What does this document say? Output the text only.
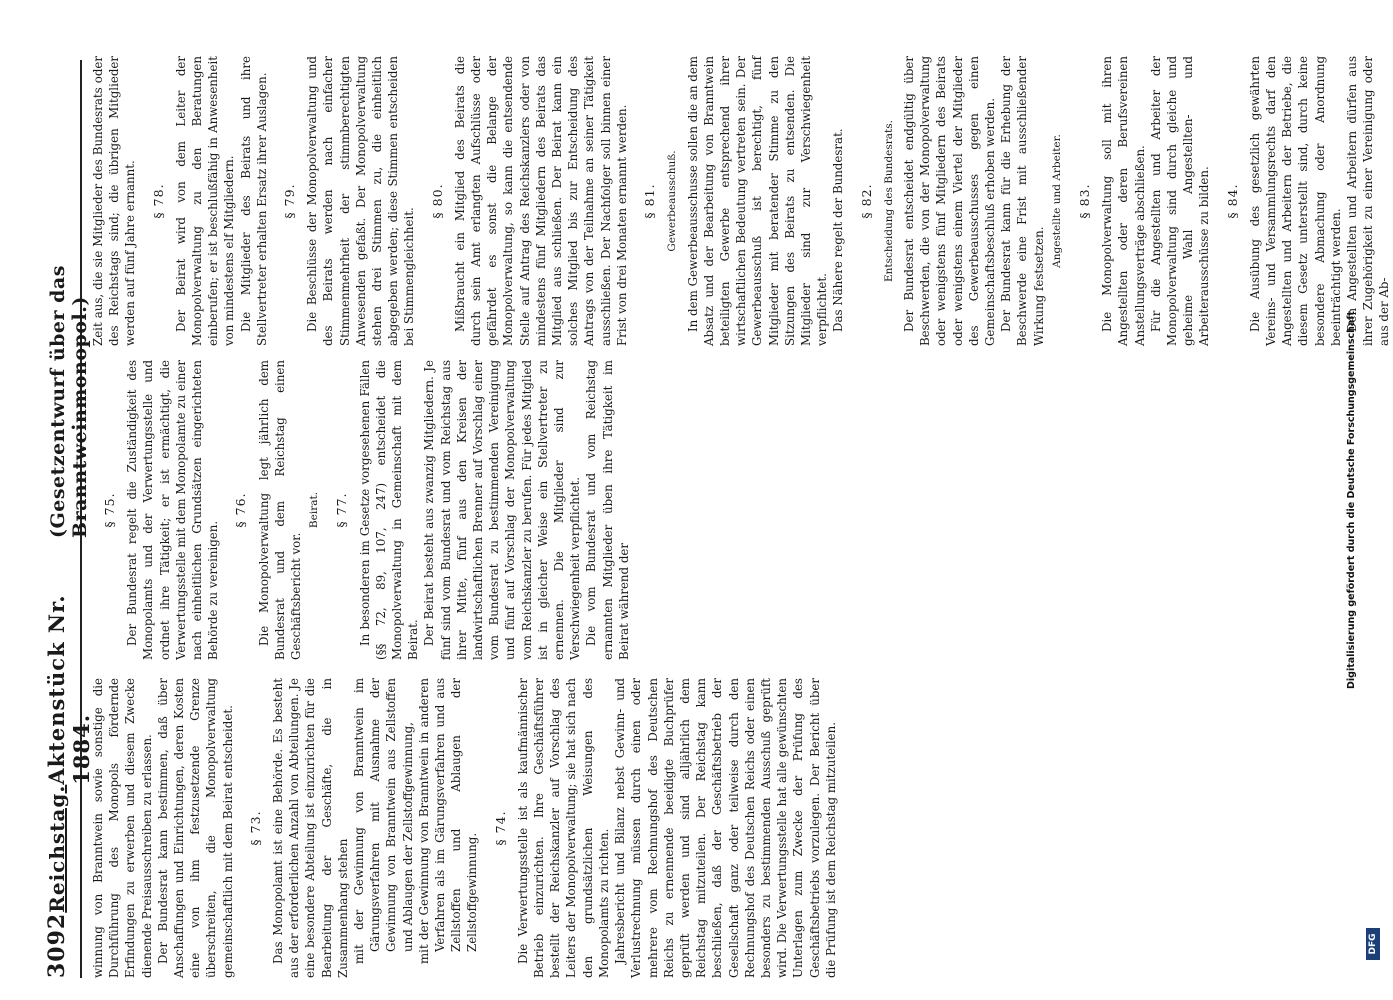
3092
Reichstag.
Aktenstück Nr. 1884.
(Gesetzentwurf über das Branntweinmonopol.)

winnung von Branntwein sowie sonstige die Durchführung des Monopols fördernde Erfindungen zu erwerben und diesem Zwecke dienende Preisausschreiben zu erlassen. Der Bundesrat kann bestimmen, daß über Anschaffungen und Einrichtungen, deren Kosten eine von ihm festzusetzende Grenze überschreiten, die Monopolverwaltung gemeinschaftlich mit dem Beirat entscheidet. § 73. Das Monopolamt ist eine Behörde. Es besteht aus der erforderlichen Anzahl von Abteilungen. Je eine besondere Abteilung ist einzurichten für die Bearbeitung der Geschäfte, die in Zusammenhang stehen mit der Gewinnung von Branntwein im Gärungsverfahren mit Ausnahme der Gewinnung von Branntwein aus Zellstoffen und Ablaugen der Zellstoffgewinnung, mit der Gewinnung von Branntwein in anderen Verfahren als im Gärungsverfahren und aus Zellstoffen und Ablaugen der Zellstoffgewinnung.

§ 74. Die Verwertungsstelle ist als kaufmännischer Betrieb einzurichten. Ihre Geschäftsführer bestellt der Reichskanzler auf Vorschlag des Leiters der Monopolverwaltung; sie hat sich nach den grundsätzlichen Weisungen des Monopolamts zu richten. Jahresbericht und Bilanz nebst Gewinn- und Verlustrechnung müssen durch einen oder mehrere vom Rechnungshof des Deutschen Reichs zu ernennende beeidigte Buchprüfer geprüft werden und sind alljährlich dem Reichstag mitzuteilen. Der Reichstag kann beschließen, daß der Geschäftsbetrieb der Gesellschaft ganz oder teilweise durch den Rechnungshof des Deutschen Reichs oder einen besonders zu bestimmenden Ausschuß geprüft wird. Die Verwertungsstelle hat alle gewünschten Unterlagen zum Zwecke der Prüfung des Geschäftsbetriebs vorzulegen. Der Bericht über die Prüfung ist dem Reichstag mitzuteilen.

§ 75. Der Bundesrat regelt die Zuständigkeit des Monopolamts und der Verwertungsstelle und ordnet ihre Tätigkeit; er ist ermächtigt, die Verwertungsstelle mit dem Monopolamte zu einer nach einheitlichen Grundsätzen eingerichteten Behörde zu vereinigen.

§ 76. Die Monopolverwaltung legt jährlich dem Bundesrat und dem Reichstag einen Geschäftsbericht vor.

Beirat. § 77. In besonderen im Gesetze vorgesehenen Fällen (§§ 72, 89, 107, 247) entscheidet die Monopolverwaltung in Gemeinschaft mit dem Beirat. Der Beirat besteht aus zwanzig Mitgliedern. Je fünf sind vom Bundesrat und vom Reichstag aus ihrer Mitte, fünf aus den Kreisen der landwirtschaftlichen Brenner auf Vorschlag einer vom Bundesrat zu bestimmenden Vereinigung und fünf auf Vorschlag der Monopolverwaltung vom Reichskanzler zu berufen. Für jedes Mitglied ist in gleicher Weise ein Stellvertreter zu ernennen. Die Mitglieder sind zur Verschwiegenheit verpflichtet. Die vom Bundesrat und vom Reichstag ernannten Mitglieder üben ihre Tätigkeit im Beirat während der

Zeit aus, die sie Mitglieder des Bundesrats oder des Reichstags sind; die übrigen Mitglieder werden auf fünf Jahre ernannt. § 78. Der Beirat wird von dem Leiter der Monopolverwaltung zu den Beratungen einberufen; er ist beschlußfähig in Anwesenheit von mindestens elf Mitgliedern. Die Mitglieder des Beirats und ihre Stellvertreter erhalten Ersatz ihrer Auslagen. § 79. Die Beschlüsse der Monopolverwaltung und des Beirats werden nach einfacher Stimmenmehrheit der stimmberechtigten Anwesenden gefaßt. Der Monopolverwaltung stehen drei Stimmen zu, die einheitlich abgegeben werden; diese Stimmen entscheiden bei Stimmengleichheit.

§ 80. Mißbraucht ein Mitglied des Beirats die durch sein Amt erlangten Aufschlüsse oder gefährdet es sonst die Belange der Monopolverwaltung, so kann die entsendende Stelle auf Antrag des Reichskanzlers oder von mindestens fünf Mitgliedern des Beirats das Mitglied aus schließen. Der Beirat kann ein solches Mitglied bis zur Entscheidung des Antrags von der Teilnahme an seiner Tätigkeit ausschließen. Der Nachfolger soll binnen einer Frist von drei Monaten ernannt werden. § 81. Gewerbeausschuß. In dem Gewerbeausschusse sollen die an dem Absatz und der Bearbeitung von Branntwein beteiligten Gewerbe entsprechend ihrer wirtschaftlichen Bedeutung vertreten sein. Der Gewerbeausschuß ist berechtigt, fünf Mitglieder mit beratender Stimme zu den Sitzungen des Beirats zu entsenden. Die Mitglieder sind zur Verschwiegenheit verpflichtet. Das Nähere regelt der Bundesrat. § 82. Entscheidung des Bundesrats. Der Bundesrat entscheidet endgültig über Beschwerden, die von der Monopolverwaltung oder wenigstens fünf Mitgliedern des Beirats oder wenigstens einem Viertel der Mitglieder des Gewerbeausschusses gegen einen Gemeinschaftsbeschluß erhoben werden. Der Bundesrat kann für die Erhebung der Beschwerde eine Frist mit ausschließender Wirkung festsetzen.

Angestellte und Arbeiter. § 83. Die Monopolverwaltung soll mit ihren Angestellten oder deren Berufsvereinen Anstellungsverträge abschließen. Für die Angestellten und Arbeiter der Monopolverwaltung sind durch gleiche und geheime Wahl Angestellten- und Arbeiterausschüsse zu bilden. § 84. Die Ausübung des gesetzlich gewährten Vereins- und Versammlungsrechts darf den Angestellten und Arbeitern der Betriebe, die diesem Gesetz unterstellt sind, durch keine besondere Abmachung oder Anordnung beeinträchtigt werden. Den Angestellten und Arbeitern dürfen aus ihrer Zugehörigkeit zu einer Vereinigung oder aus der Ab-

Digitalisierung gefördert durch die Deutsche Forschungsgemeinschaft
DFG
